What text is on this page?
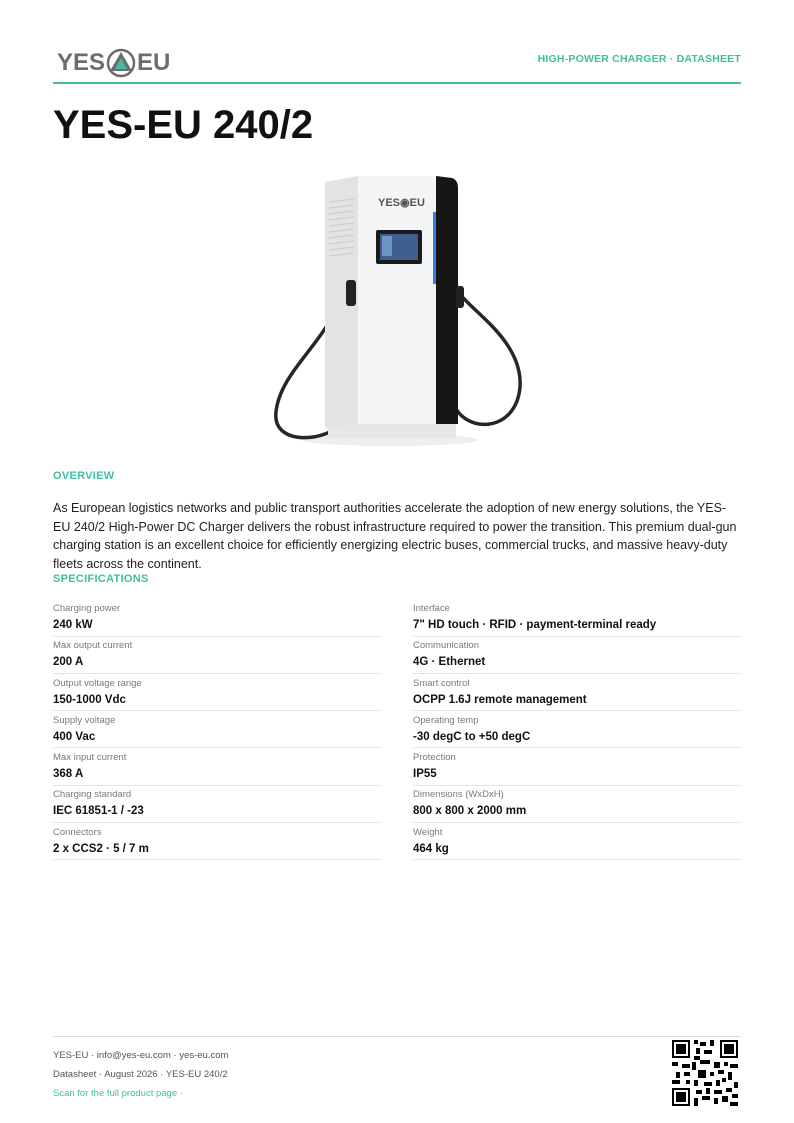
YES EU	HIGH-POWER CHARGER · DATASHEET
YES-EU 240/2
YES◉EU
OVERVIEW

As European logistics networks and public transport authorities accelerate the adoption of new energy solutions, the YES-EU 240/2 High-Power DC Charger delivers the robust infrastructure required to power the transition. This premium dual-gun charging station is an excellent choice for efficiently energizing electric buses, commercial trucks, and massive heavy-duty fleets across the continent.

SPECIFICATIONS
Charging power
240 kW
Max output current
200 A
Output voltage range
150-1000 Vdc
Supply voltage
400 Vac
Max input current
368 A
Charging standard
IEC 61851-1 / -23
Connectors
2 x CCS2 · 5 / 7 m
Interface
7" HD touch · RFID · payment-terminal ready
Communication
4G · Ethernet
Smart control
OCPP 1.6J remote management
Operating temp
-30 degC to +50 degC
Protection
IP55
Dimensions (WxDxH)
800 x 800 x 2000 mm
Weight
464 kg
YES-EU · info@yes-eu.com · yes-eu.com
Datasheet · August 2026 · YES-EU 240/2
Scan for the full product page ·
